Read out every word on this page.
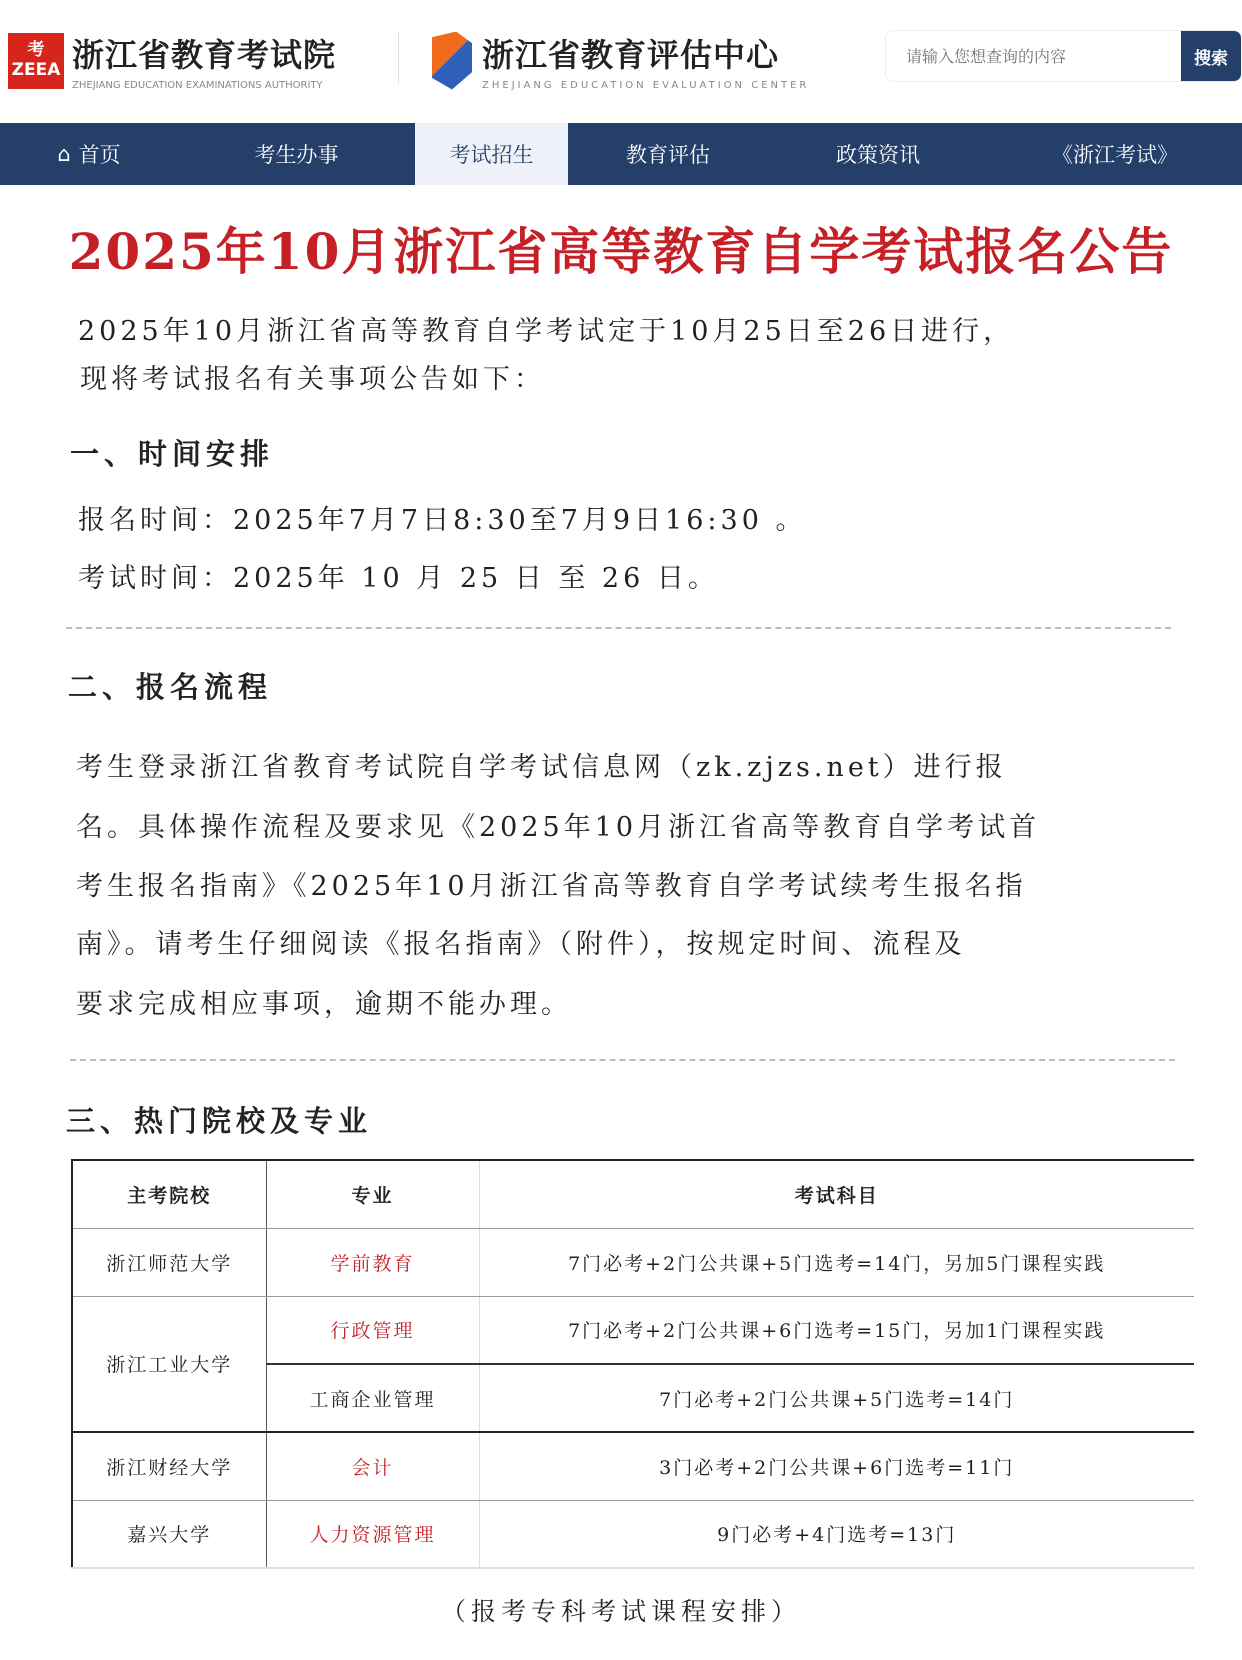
考 ZEEA 浙江省教育考试院
ZHEJIANG EDUCATION EXAMINATIONS AUTHORITY
浙江省教育评估中心
ZHEJIANG EDUCATION EVALUATION CENTER
请输入您想查询的内容
搜索
⌂ 首页	考生办事	考试招生	教育评估	政策资讯	《浙江考试》
2025年10月浙江省高等教育自学考试报名公告
2025年10月浙江省高等教育自学考试定于10月25日至26日进行，
现将考试报名有关事项公告如下：
一、时间安排
报名时间：2025年7月7日8:30至7月9日16:30 。
考试时间：2025年 10 月 25 日 至 26 日。
二、报名流程
考生登录浙江省教育考试院自学考试信息网（zk.zjzs.net）进行报
名。具体操作流程及要求见《2025年10月浙江省高等教育自学考试首
考生报名指南》《2025年10月浙江省高等教育自学考试续考生报名指
南》。请考生仔细阅读《报名指南》（附件），按规定时间、流程及
要求完成相应事项，逾期不能办理。
三、热门院校及专业
主考院校	专业	考试科目
浙江师范大学	学前教育	7门必考+2门公共课+5门选考=14门，另加5门课程实践
浙江工业大学	行政管理	7门必考+2门公共课+6门选考=15门，另加1门课程实践
	工商企业管理	7门必考+2门公共课+5门选考=14门
浙江财经大学	会计	3门必考+2门公共课+6门选考=11门
嘉兴大学	人力资源管理	9门必考+4门选考=13门
（报考专科考试课程安排）
